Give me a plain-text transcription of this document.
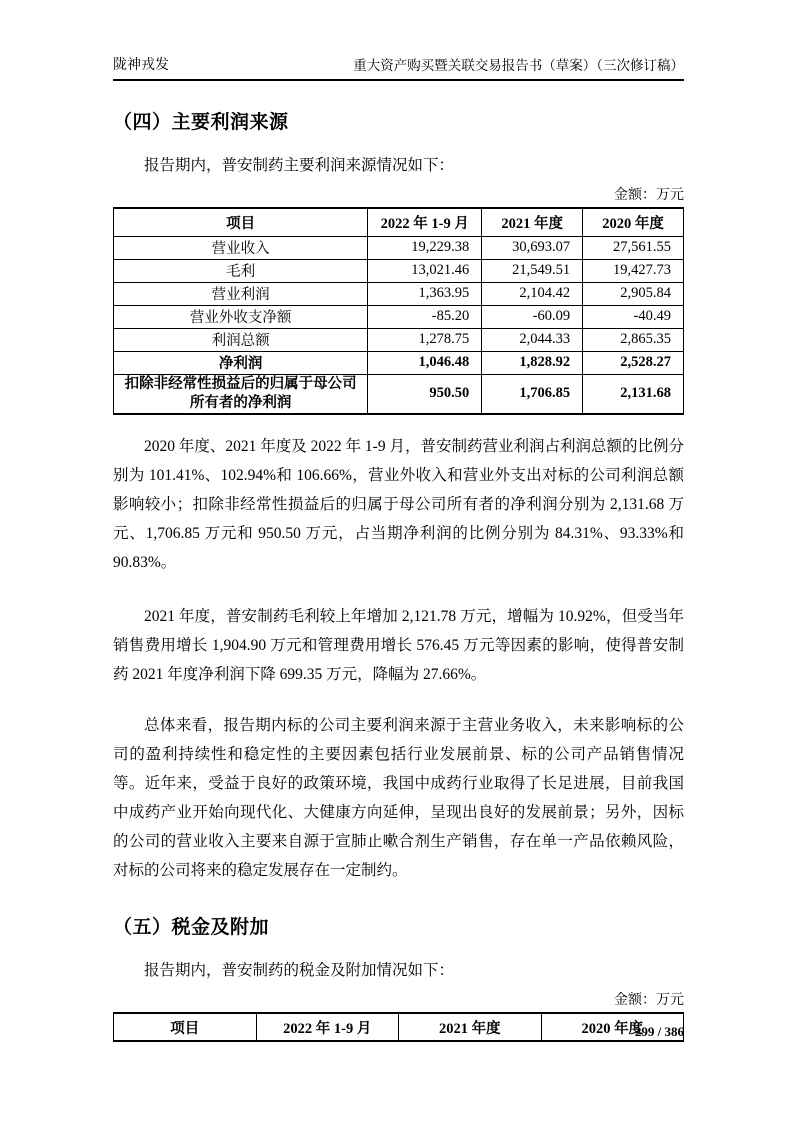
陇神戎发	重大资产购买暨关联交易报告书（草案）（三次修订稿）
（四）主要利润来源
报告期内，普安制药主要利润来源情况如下：
金额：万元
项目	2022 年 1-9 月	2021 年度	2020 年度
营业收入	19,229.38	30,693.07	27,561.55
毛利	13,021.46	21,549.51	19,427.73
营业利润	1,363.95	2,104.42	2,905.84
营业外收支净额	-85.20	-60.09	-40.49
利润总额	1,278.75	2,044.33	2,865.35
净利润	1,046.48	1,828.92	2,528.27
扣除非经常性损益后的归属于母公司所有者的净利润	950.50	1,706.85	2,131.68
2020 年度、2021 年度及 2022 年 1-9 月，普安制药营业利润占利润总额的比例分别为 101.41%、102.94%和 106.66%，营业外收入和营业外支出对标的公司利润总额影响较小；扣除非经常性损益后的归属于母公司所有者的净利润分别为 2,131.68 万元、1,706.85 万元和 950.50 万元，占当期净利润的比例分别为 84.31%、93.33%和 90.83%。
2021 年度，普安制药毛利较上年增加 2,121.78 万元，增幅为 10.92%，但受当年销售费用增长 1,904.90 万元和管理费用增长 576.45 万元等因素的影响，使得普安制药 2021 年度净利润下降 699.35 万元，降幅为 27.66%。
总体来看，报告期内标的公司主要利润来源于主营业务收入，未来影响标的公司的盈利持续性和稳定性的主要因素包括行业发展前景、标的公司产品销售情况等。近年来，受益于良好的政策环境，我国中成药行业取得了长足进展，目前我国中成药产业开始向现代化、大健康方向延伸，呈现出良好的发展前景；另外，因标的公司的营业收入主要来自源于宣肺止嗽合剂生产销售，存在单一产品依赖风险，对标的公司将来的稳定发展存在一定制约。
（五）税金及附加
报告期内，普安制药的税金及附加情况如下：
金额：万元
项目	2022 年 1-9 月	2021 年度	2020 年度
299 / 386
